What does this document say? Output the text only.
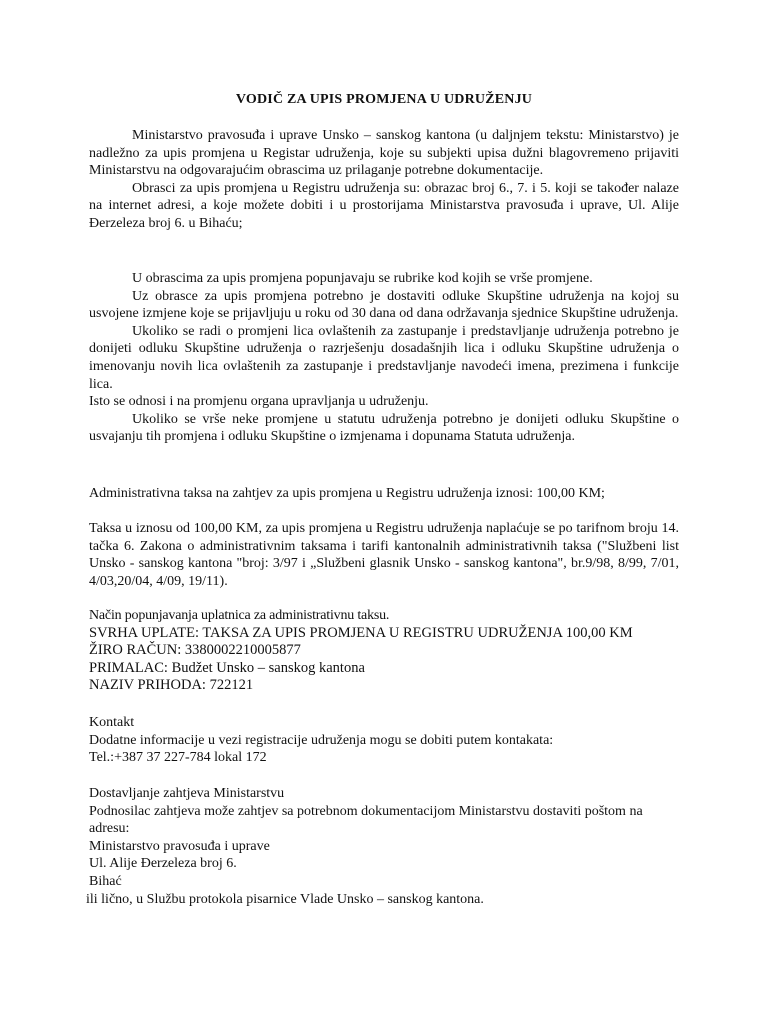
VODIČ ZA UPIS PROMJENA U UDRUŽENJU

Ministarstvo pravosuđa i uprave Unsko – sanskog kantona (u daljnjem tekstu: Ministarstvo) je nadležno za upis promjena u Registar udruženja, koje su subjekti upisa dužni blagovremeno prijaviti Ministarstvu na odgovarajućim obrascima uz prilaganje potrebne dokumentacije.

Obrasci za upis promjena u Registru udruženja su: obrazac broj 6., 7. i 5. koji se također nalaze na internet adresi, a koje možete dobiti i u prostorijama Ministarstva pravosuđa i uprave, Ul. Alije Đerzeleza broj 6. u Bihaću;

U obrascima za upis promjena popunjavaju se rubrike kod kojih se vrše promjene.

Uz obrasce za upis promjena potrebno je dostaviti odluke Skupštine udruženja na kojoj su usvojene izmjene koje se prijavljuju u roku od 30 dana od dana održavanja sjednice Skupštine udruženja.

Ukoliko se radi o promjeni lica ovlaštenih za zastupanje i predstavljanje udruženja potrebno je donijeti odluku Skupštine udruženja o razrješenju dosadašnjih lica i odluku Skupštine udruženja o imenovanju novih lica ovlaštenih za zastupanje i predstavljanje navodeći imena, prezimena i funkcije lica.

Isto se odnosi i na promjenu organa upravljanja u udruženju.

Ukoliko se vrše neke promjene u statutu udruženja potrebno je donijeti odluku Skupštine o usvajanju tih promjena i odluku Skupštine o izmjenama i dopunama Statuta udruženja.

Administrativna taksa na zahtjev za upis promjena u Registru udruženja iznosi: 100,00 KM;

Taksa u iznosu od 100,00 KM, za upis promjena u Registru udruženja naplaćuje se po tarifnom broju 14. tačka 6. Zakona o administrativnim taksama i tarifi kantonalnih administrativnih taksa ("Službeni list Unsko - sanskog kantona "broj: 3/97 i „Službeni glasnik Unsko - sanskog kantona", br.9/98, 8/99, 7/01, 4/03,20/04, 4/09, 19/11).

Način popunjavanja uplatnica za administrativnu taksu.

SVRHA UPLATE: TAKSA ZA UPIS PROMJENA U REGISTRU UDRUŽENJA 100,00 KM

ŽIRO RAČUN: 3380002210005877

PRIMALAC: Budžet Unsko – sanskog kantona

NAZIV PRIHODA: 722121

Kontakt

Dodatne informacije u vezi registracije udruženja mogu se dobiti putem kontakata:

Tel.:+387 37 227-784 lokal 172

Dostavljanje zahtjeva Ministarstvu

Podnosilac zahtjeva može zahtjev sa potrebnom dokumentacijom Ministarstvu dostaviti poštom na adresu:

Ministarstvo pravosuđa i uprave

Ul. Alije Đerzeleza broj 6.

Bihać

ili lično, u Službu protokola pisarnice Vlade Unsko – sanskog kantona.
